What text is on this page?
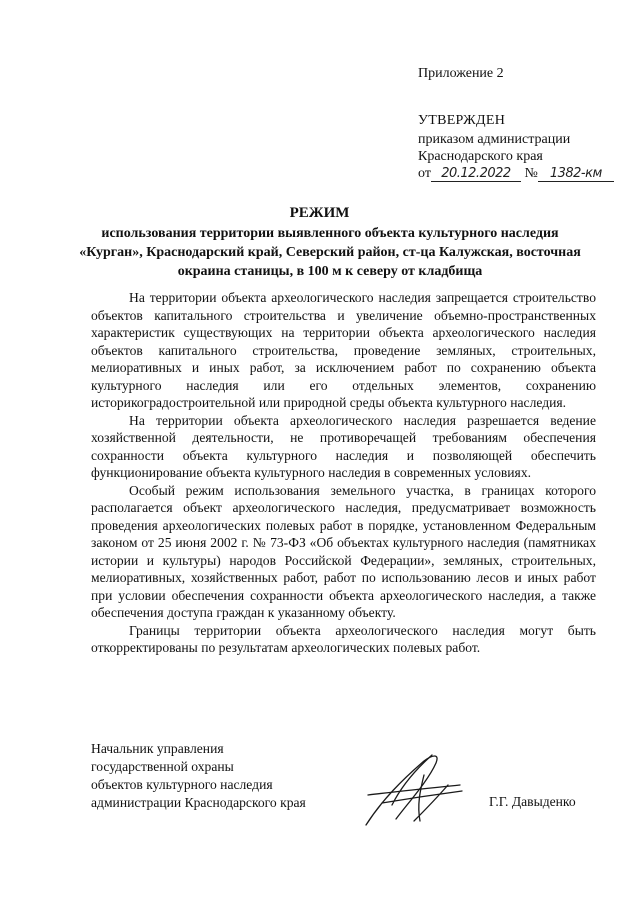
Приложение 2
УТВЕРЖДЕН
приказом администрации
Краснодарского края
от 20.12.2022 № 1382-км
РЕЖИМ
использования территории выявленного объекта культурного наследия «Курган», Краснодарский край, Северский район, ст-ца Калужская, восточная окраина станицы, в 100 м к северу от кладбища

На территории объекта археологического наследия запрещается строительство объектов капитального строительства и увеличение объемно-пространственных характеристик существующих на территории объекта археологического наследия объектов капитального строительства, проведение земляных, строительных, мелиоративных и иных работ, за исключением работ по сохранению объекта культурного наследия или его отдельных элементов, сохранению историкоградостроительной или природной среды объекта культурного наследия.

На территории объекта археологического наследия разрешается ведение хозяйственной деятельности, не противоречащей требованиям обеспечения сохранности объекта культурного наследия и позволяющей обеспечить функционирование объекта культурного наследия в современных условиях.

Особый режим использования земельного участка, в границах которого располагается объект археологического наследия, предусматривает возможность проведения археологических полевых работ в порядке, установленном Федеральным законом от 25 июня 2002 г. № 73-ФЗ «Об объектах культурного наследия (памятниках истории и культуры) народов Российской Федерации», земляных, строительных, мелиоративных, хозяйственных работ, работ по использованию лесов и иных работ при условии обеспечения сохранности объекта археологического наследия, а также обеспечения доступа граждан к указанному объекту.

Границы территории объекта археологического наследия могут быть откорректированы по результатам археологических полевых работ.

Начальник управления
государственной охраны
объектов культурного наследия
администрации Краснодарского края	Г.Г. Давыденко
